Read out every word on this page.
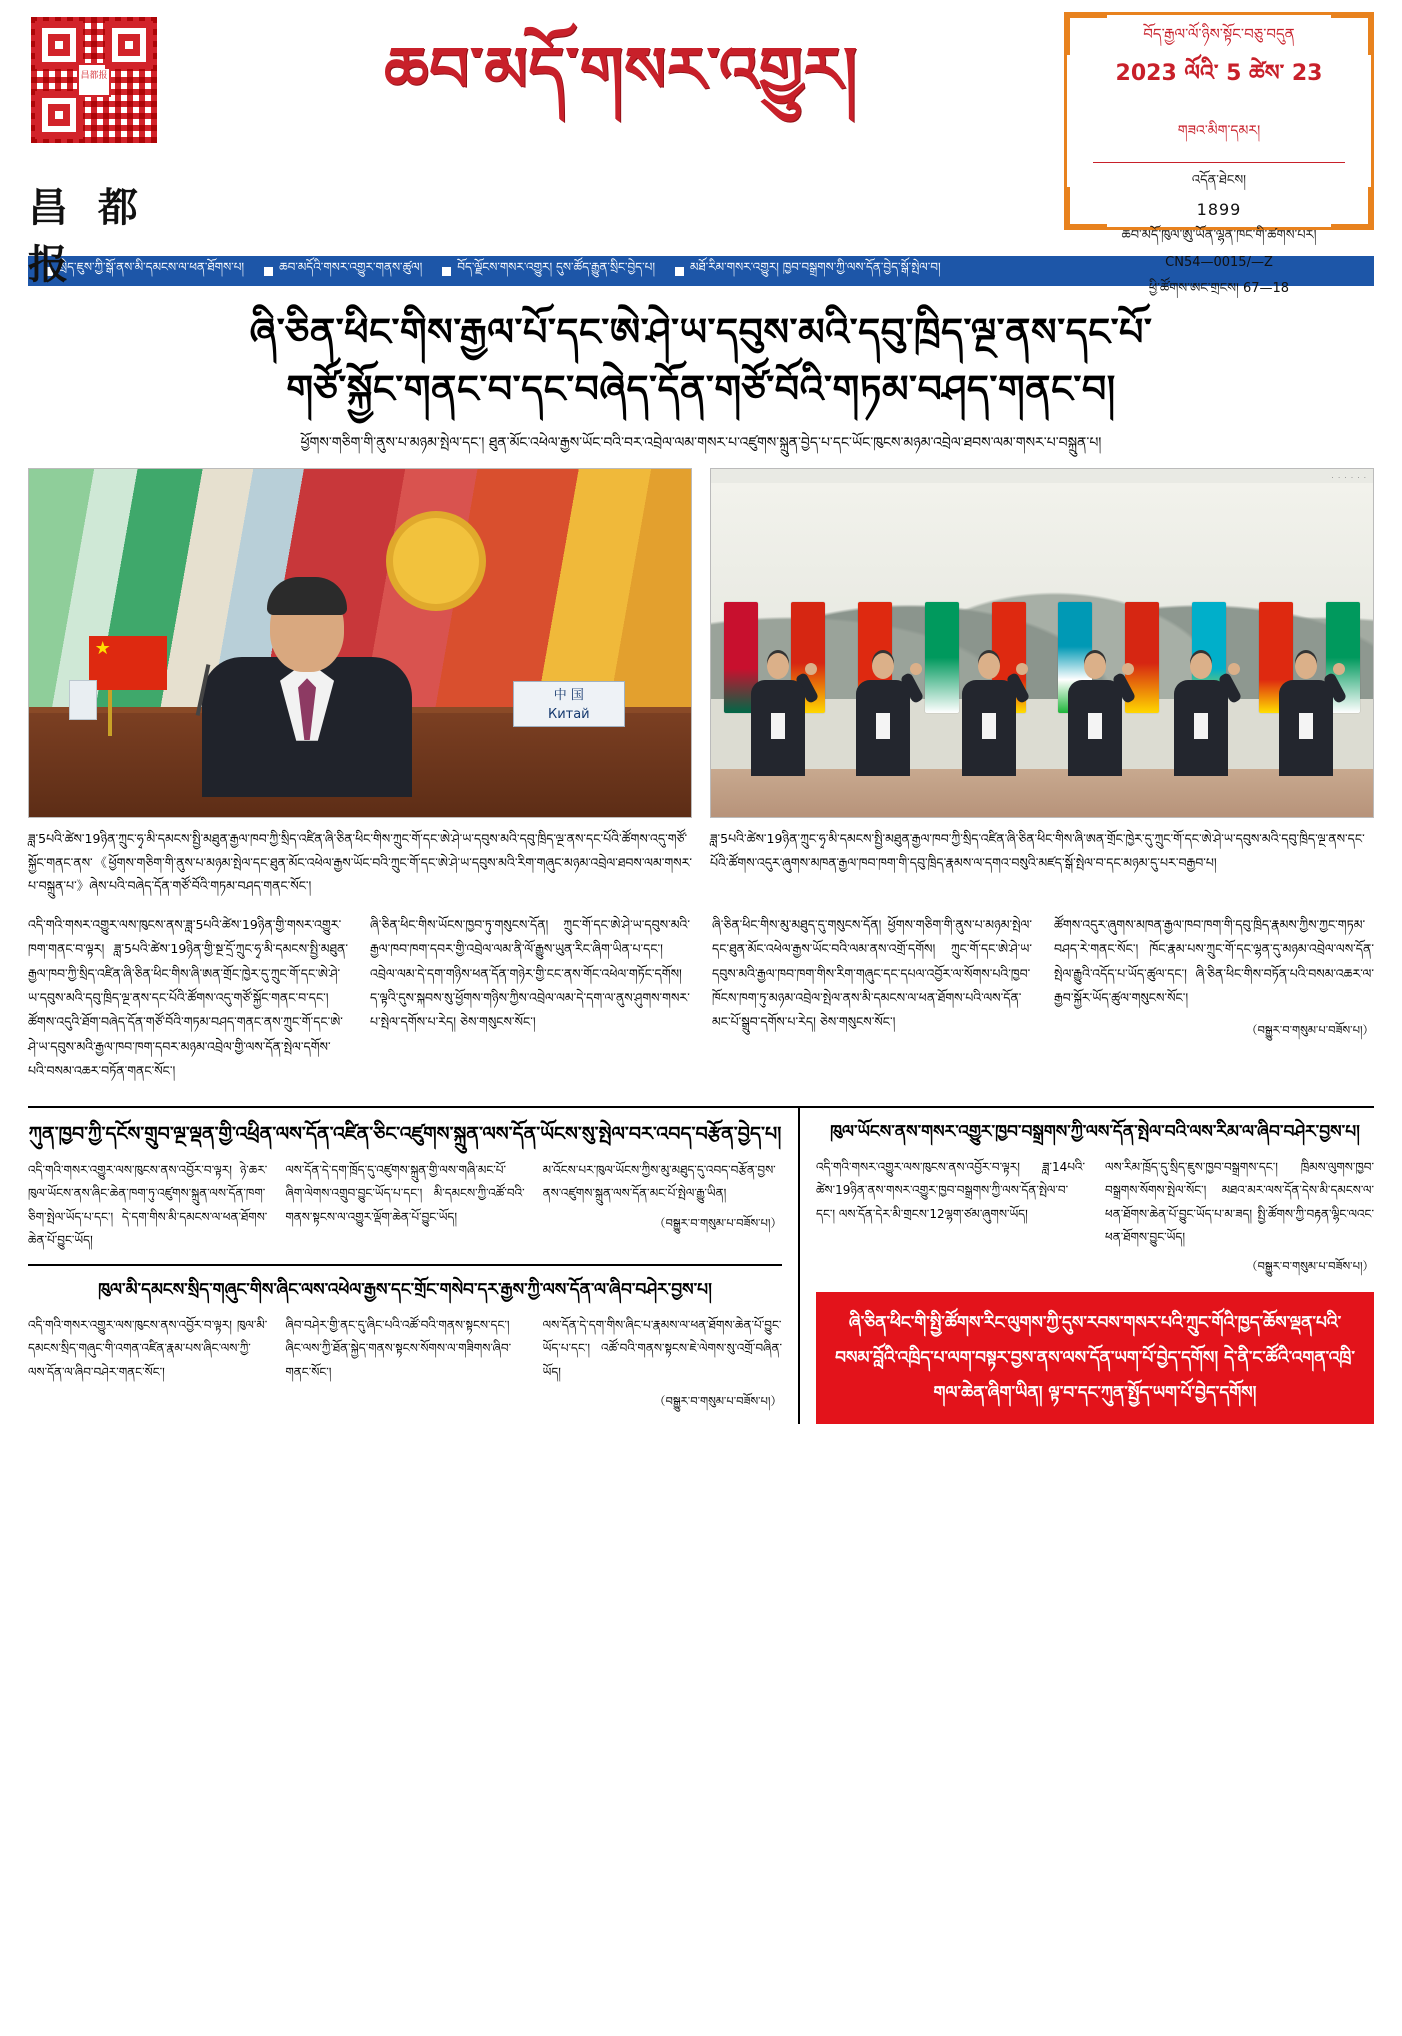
昌都报
昌 都 报
ཆབ་མདོ་གསར་འགྱུར།	བོད་རྒྱལ་ལོ་ཉིས་སྟོང་བཅུ་བདུན
2023 ལོའི་ 5 ཚེས་ 23
གཟའ་མིག་དམར།
འདོན་ཐེངས།
1899
ཆབ་མདོ་ཁུལ་ཨུ་ཡོན་ལྷན་ཁང་གི་ཚགས་པར།
CN54—0015/—Z
ཕྱི་ཚོགས་ཨང་གྲངས། 67—18
སྲིད་ཇུས་ཀྱི་སྒོ་ནས་མི་དམངས་ལ་ཕན་ཐོགས་པ།	ཆབ་མདོའི་གསར་འགྱུར་གནས་ཚུལ།	བོད་ལྗོངས་གསར་འགྱུར། དུས་ཚོད་རྒྱུན་སྲིང་བྱེད་པ།	མཐོ་རིམ་གསར་འགྱུར། ཁྱབ་བསྒྲགས་ཀྱི་ལས་དོན་བྱེད་སྒོ་སྤེལ་བ།
ཞི་ཅིན་ཕིང་གིས་རྒྱལ་པོ་དང་ཨེ་ཤེ་ཡ་དབུས་མའི་དབུ་ཁྲིད་ལྔ་ནས་དང་པོ་
གཙོ་སྐྱོང་གནང་བ་དང་བཞེད་དོན་གཙོ་བོའི་གཏམ་བཤད་གནང་བ།
ཕྱོགས་གཅིག་གི་ནུས་པ་མཉམ་སྤེལ་དང་། ཐུན་མོང་འཕེལ་རྒྱས་ཡོང་བའི་བར་འབྲེལ་ལམ་གསར་པ་འཛུགས་སྐྲུན་བྱེད་པ་དང་ཡོང་ཁུངས་མཉམ་འབྲེལ་ཐབས་ལམ་གསར་པ་བསྐྲུན་པ།
★
中 国
Китай
ཟླ་5པའི་ཚེས་19ཉིན་ཀྲུང་ཧྭ་མི་དམངས་སྤྱི་མཐུན་རྒྱལ་ཁབ་ཀྱི་སྲིད་འཛིན་ཞི་ཅིན་ཕིང་གིས་ཀྲུང་གོ་དང་ཨེ་ཤེ་ཡ་དབུས་མའི་དབུ་ཁྲིད་ལྔ་ནས་དང་པོའི་ཚོགས་འདུ་གཙོ་སྐྱོང་གནང་ནས་《ཕྱོགས་གཅིག་གི་ནུས་པ་མཉམ་སྤེལ་དང་ཐུན་མོང་འཕེལ་རྒྱས་ཡོང་བའི་ཀྲུང་གོ་དང་ཨེ་ཤེ་ཡ་དབུས་མའི་རིག་གཞུང་མཉམ་འབྲེལ་ཐབས་ལམ་གསར་པ་བསྐྲུན་པ་》ཞེས་པའི་བཞེད་དོན་གཙོ་བོའི་གཏམ་བཤད་གནང་སོང་།
· · · · · ·
ཟླ་5པའི་ཚེས་19ཉིན་ཀྲུང་ཧྭ་མི་དམངས་སྤྱི་མཐུན་རྒྱལ་ཁབ་ཀྱི་སྲིད་འཛིན་ཞི་ཅིན་ཕིང་གིས་ཞི་ཨན་གྲོང་ཁྱེར་དུ་ཀྲུང་གོ་དང་ཨེ་ཤེ་ཡ་དབུས་མའི་དབུ་ཁྲིད་ལྔ་ནས་དང་པོའི་ཚོགས་འདུར་ཞུགས་མཁན་རྒྱལ་ཁབ་ཁག་གི་དབུ་ཁྲིད་རྣམས་ལ་དགའ་བསུའི་མཛད་སྒོ་སྤེལ་བ་དང་མཉམ་དུ་པར་བརྒྱབ་པ།

འདི་གའི་གསར་འགྱུར་ལས་ཁུངས་ནས་ཟླ་5པའི་ཚེས་19ཉིན་གྱི་གསར་འགྱུར་ཁག་གནང་བ་ལྟར། ཟླ་5པའི་ཚེས་19ཉིན་གྱི་སྔ་དྲོ་ཀྲུང་ཧྭ་མི་དམངས་སྤྱི་མཐུན་རྒྱལ་ཁབ་ཀྱི་སྲིད་འཛིན་ཞི་ཅིན་ཕིང་གིས་ཞི་ཨན་གྲོང་ཁྱེར་དུ་ཀྲུང་གོ་དང་ཨེ་ཤེ་ཡ་དབུས་མའི་དབུ་ཁྲིད་ལྔ་ནས་དང་པོའི་ཚོགས་འདུ་གཙོ་སྐྱོང་གནང་བ་དང་། ཚོགས་འདུའི་ཐོག་བཞེད་དོན་གཙོ་བོའི་གཏམ་བཤད་གནང་ནས་ཀྲུང་གོ་དང་ཨེ་ཤེ་ཡ་དབུས་མའི་རྒྱལ་ཁབ་ཁག་དབར་མཉམ་འབྲེལ་གྱི་ལས་དོན་སྤེལ་དགོས་པའི་བསམ་འཆར་བཏོན་གནང་སོང་།

ཞི་ཅིན་ཕིང་གིས་ཡོངས་ཁྱབ་ཏུ་གསུངས་དོན། ཀྲུང་གོ་དང་ཨེ་ཤེ་ཡ་དབུས་མའི་རྒྱལ་ཁབ་ཁག་དབར་གྱི་འབྲེལ་ལམ་ནི་ལོ་རྒྱུས་ཡུན་རིང་ཞིག་ཡིན་པ་དང་། འབྲེལ་ལམ་དེ་དག་གཉིས་ཕན་དོན་གཉེར་གྱི་ངང་ནས་གོང་འཕེལ་གཏོང་དགོས། ད་ལྟའི་དུས་སྐབས་སུ་ཕྱོགས་གཉིས་ཀྱིས་འབྲེལ་ལམ་དེ་དག་ལ་ནུས་ཤུགས་གསར་པ་སྤེལ་དགོས་པ་རེད། ཅེས་གསུངས་སོང་།

ཞི་ཅིན་ཕིང་གིས་མུ་མཐུད་དུ་གསུངས་དོན། ཕྱོགས་གཅིག་གི་ནུས་པ་མཉམ་སྤེལ་དང་ཐུན་མོང་འཕེལ་རྒྱས་ཡོང་བའི་ལམ་ནས་འགྲོ་དགོས། ཀྲུང་གོ་དང་ཨེ་ཤེ་ཡ་དབུས་མའི་རྒྱལ་ཁབ་ཁག་གིས་རིག་གཞུང་དང་དཔལ་འབྱོར་ལ་སོགས་པའི་ཁྱབ་ཁོངས་ཁག་ཏུ་མཉམ་འབྲེལ་སྤེལ་ནས་མི་དམངས་ལ་ཕན་ཐོགས་པའི་ལས་དོན་མང་པོ་སྒྲུབ་དགོས་པ་རེད། ཅེས་གསུངས་སོང་།

ཚོགས་འདུར་ཞུགས་མཁན་རྒྱལ་ཁབ་ཁག་གི་དབུ་ཁྲིད་རྣམས་ཀྱིས་ཀྱང་གཏམ་བཤད་རེ་གནང་སོང་། ཁོང་རྣམ་པས་ཀྲུང་གོ་དང་ལྷན་དུ་མཉམ་འབྲེལ་ལས་དོན་སྤེལ་རྒྱུའི་འདོད་པ་ཡོད་ཚུལ་དང་། ཞི་ཅིན་ཕིང་གིས་བཏོན་པའི་བསམ་འཆར་ལ་རྒྱབ་སྐྱོར་ཡོད་ཚུལ་གསུངས་སོང་།

（བསྒྱུར་བ་གསུམ་པ་བཟོས་པ།）
ཀུན་ཁྱབ་ཀྱི་དངོས་གྲུབ་ལྔ་ལྡན་གྱི་འཕྲིན་ལས་དོན་འཛིན་ཅིང་འཛུགས་སྐྲུན་ལས་དོན་ཡོངས་སུ་སྤེལ་བར་འབད་བརྩོན་བྱེད་པ།
འདི་གའི་གསར་འགྱུར་ལས་ཁུངས་ནས་འབྱོར་བ་ལྟར། ཉེ་ཆར་ཁུལ་ཡོངས་ནས་ཞིང་ཆེན་ཁག་ཏུ་འཛུགས་སྐྲུན་ལས་དོན་ཁག་ཅིག་སྤེལ་ཡོད་པ་དང་། དེ་དག་གིས་མི་དམངས་ལ་ཕན་ཐོགས་ཆེན་པོ་བྱུང་ཡོད།
ལས་དོན་དེ་དག་ཁྲོད་དུ་འཛུགས་སྐྲུན་གྱི་ལས་གཞི་མང་པོ་ཞིག་ལེགས་འགྲུབ་བྱུང་ཡོད་པ་དང་། མི་དམངས་ཀྱི་འཚོ་བའི་གནས་སྟངས་ལ་འགྱུར་ལྡོག་ཆེན་པོ་བྱུང་ཡོད།
མ་འོངས་པར་ཁུལ་ཡོངས་ཀྱིས་མུ་མཐུད་དུ་འབད་བརྩོན་བྱས་ནས་འཛུགས་སྐྲུན་ལས་དོན་མང་པོ་སྤེལ་རྒྱུ་ཡིན།
（བསྒྱུར་བ་གསུམ་པ་བཟོས་པ།）
ཁུལ་མི་དམངས་སྲིད་གཞུང་གིས་ཞིང་ལས་འཕེལ་རྒྱས་དང་གྲོང་གསེབ་དར་རྒྱས་ཀྱི་ལས་དོན་ལ་ཞིབ་བཤེར་བྱས་པ།
འདི་གའི་གསར་འགྱུར་ལས་ཁུངས་ནས་འབྱོར་བ་ལྟར། ཁུལ་མི་དམངས་སྲིད་གཞུང་གི་འགན་འཛིན་རྣམ་པས་ཞིང་ལས་ཀྱི་ལས་དོན་ལ་ཞིབ་བཤེར་གནང་སོང་།
ཞིབ་བཤེར་གྱི་ནང་དུ་ཞིང་པའི་འཚོ་བའི་གནས་སྟངས་དང་། ཞིང་ལས་ཀྱི་ཐོན་སྐྱེད་གནས་སྟངས་སོགས་ལ་གཟིགས་ཞིབ་གནང་སོང་།
ལས་དོན་དེ་དག་གིས་ཞིང་པ་རྣམས་ལ་ཕན་ཐོགས་ཆེན་པོ་བྱུང་ཡོད་པ་དང་། འཚོ་བའི་གནས་སྟངས་ཇེ་ལེགས་སུ་འགྲོ་བཞིན་ཡོད།
（བསྒྱུར་བ་གསུམ་པ་བཟོས་པ།）
ཁུལ་ཡོངས་ནས་གསར་འགྱུར་ཁྱབ་བསྒྲགས་ཀྱི་ལས་དོན་སྤེལ་བའི་ལས་རིམ་ལ་ཞིབ་བཤེར་བྱས་པ།
འདི་གའི་གསར་འགྱུར་ལས་ཁུངས་ནས་འབྱོར་བ་ལྟར། ཟླ་14པའི་ཚེས་19ཉིན་ནས་གསར་འགྱུར་ཁྱབ་བསྒྲགས་ཀྱི་ལས་དོན་སྤེལ་བ་དང་། ལས་དོན་དེར་མི་གྲངས་12ལྷག་ཙམ་ཞུགས་ཡོད།
ལས་རིམ་ཁྲོད་དུ་སྲིད་ཇུས་ཁྱབ་བསྒྲགས་དང་། ཁྲིམས་ལུགས་ཁྱབ་བསྒྲགས་སོགས་སྤེལ་སོང་། མཐའ་མར་ལས་དོན་དེས་མི་དམངས་ལ་ཕན་ཐོགས་ཆེན་པོ་བྱུང་ཡོད་པ་མ་ཟད། སྤྱི་ཚོགས་ཀྱི་བརྟན་ལྷིང་ལའང་ཕན་ཐོགས་བྱུང་ཡོད།
（བསྒྱུར་བ་གསུམ་པ་བཟོས་པ།）
ཞི་ཅིན་ཕིང་གི་སྤྱི་ཚོགས་རིང་ལུགས་ཀྱི་དུས་རབས་གསར་པའི་ཀྲུང་གོའི་ཁྱད་ཆོས་ལྡན་པའི་
བསམ་བློའི་འཁྲིད་པ་ལག་བསྟར་བྱས་ནས་ལས་དོན་ཡག་པོ་བྱེད་དགོས། དེ་ནི་ང་ཚོའི་འགན་འཁྲི་
གལ་ཆེན་ཞིག་ཡིན། ལྟ་བ་དང་ཀུན་སྤྱོད་ཡག་པོ་བྱེད་དགོས།
